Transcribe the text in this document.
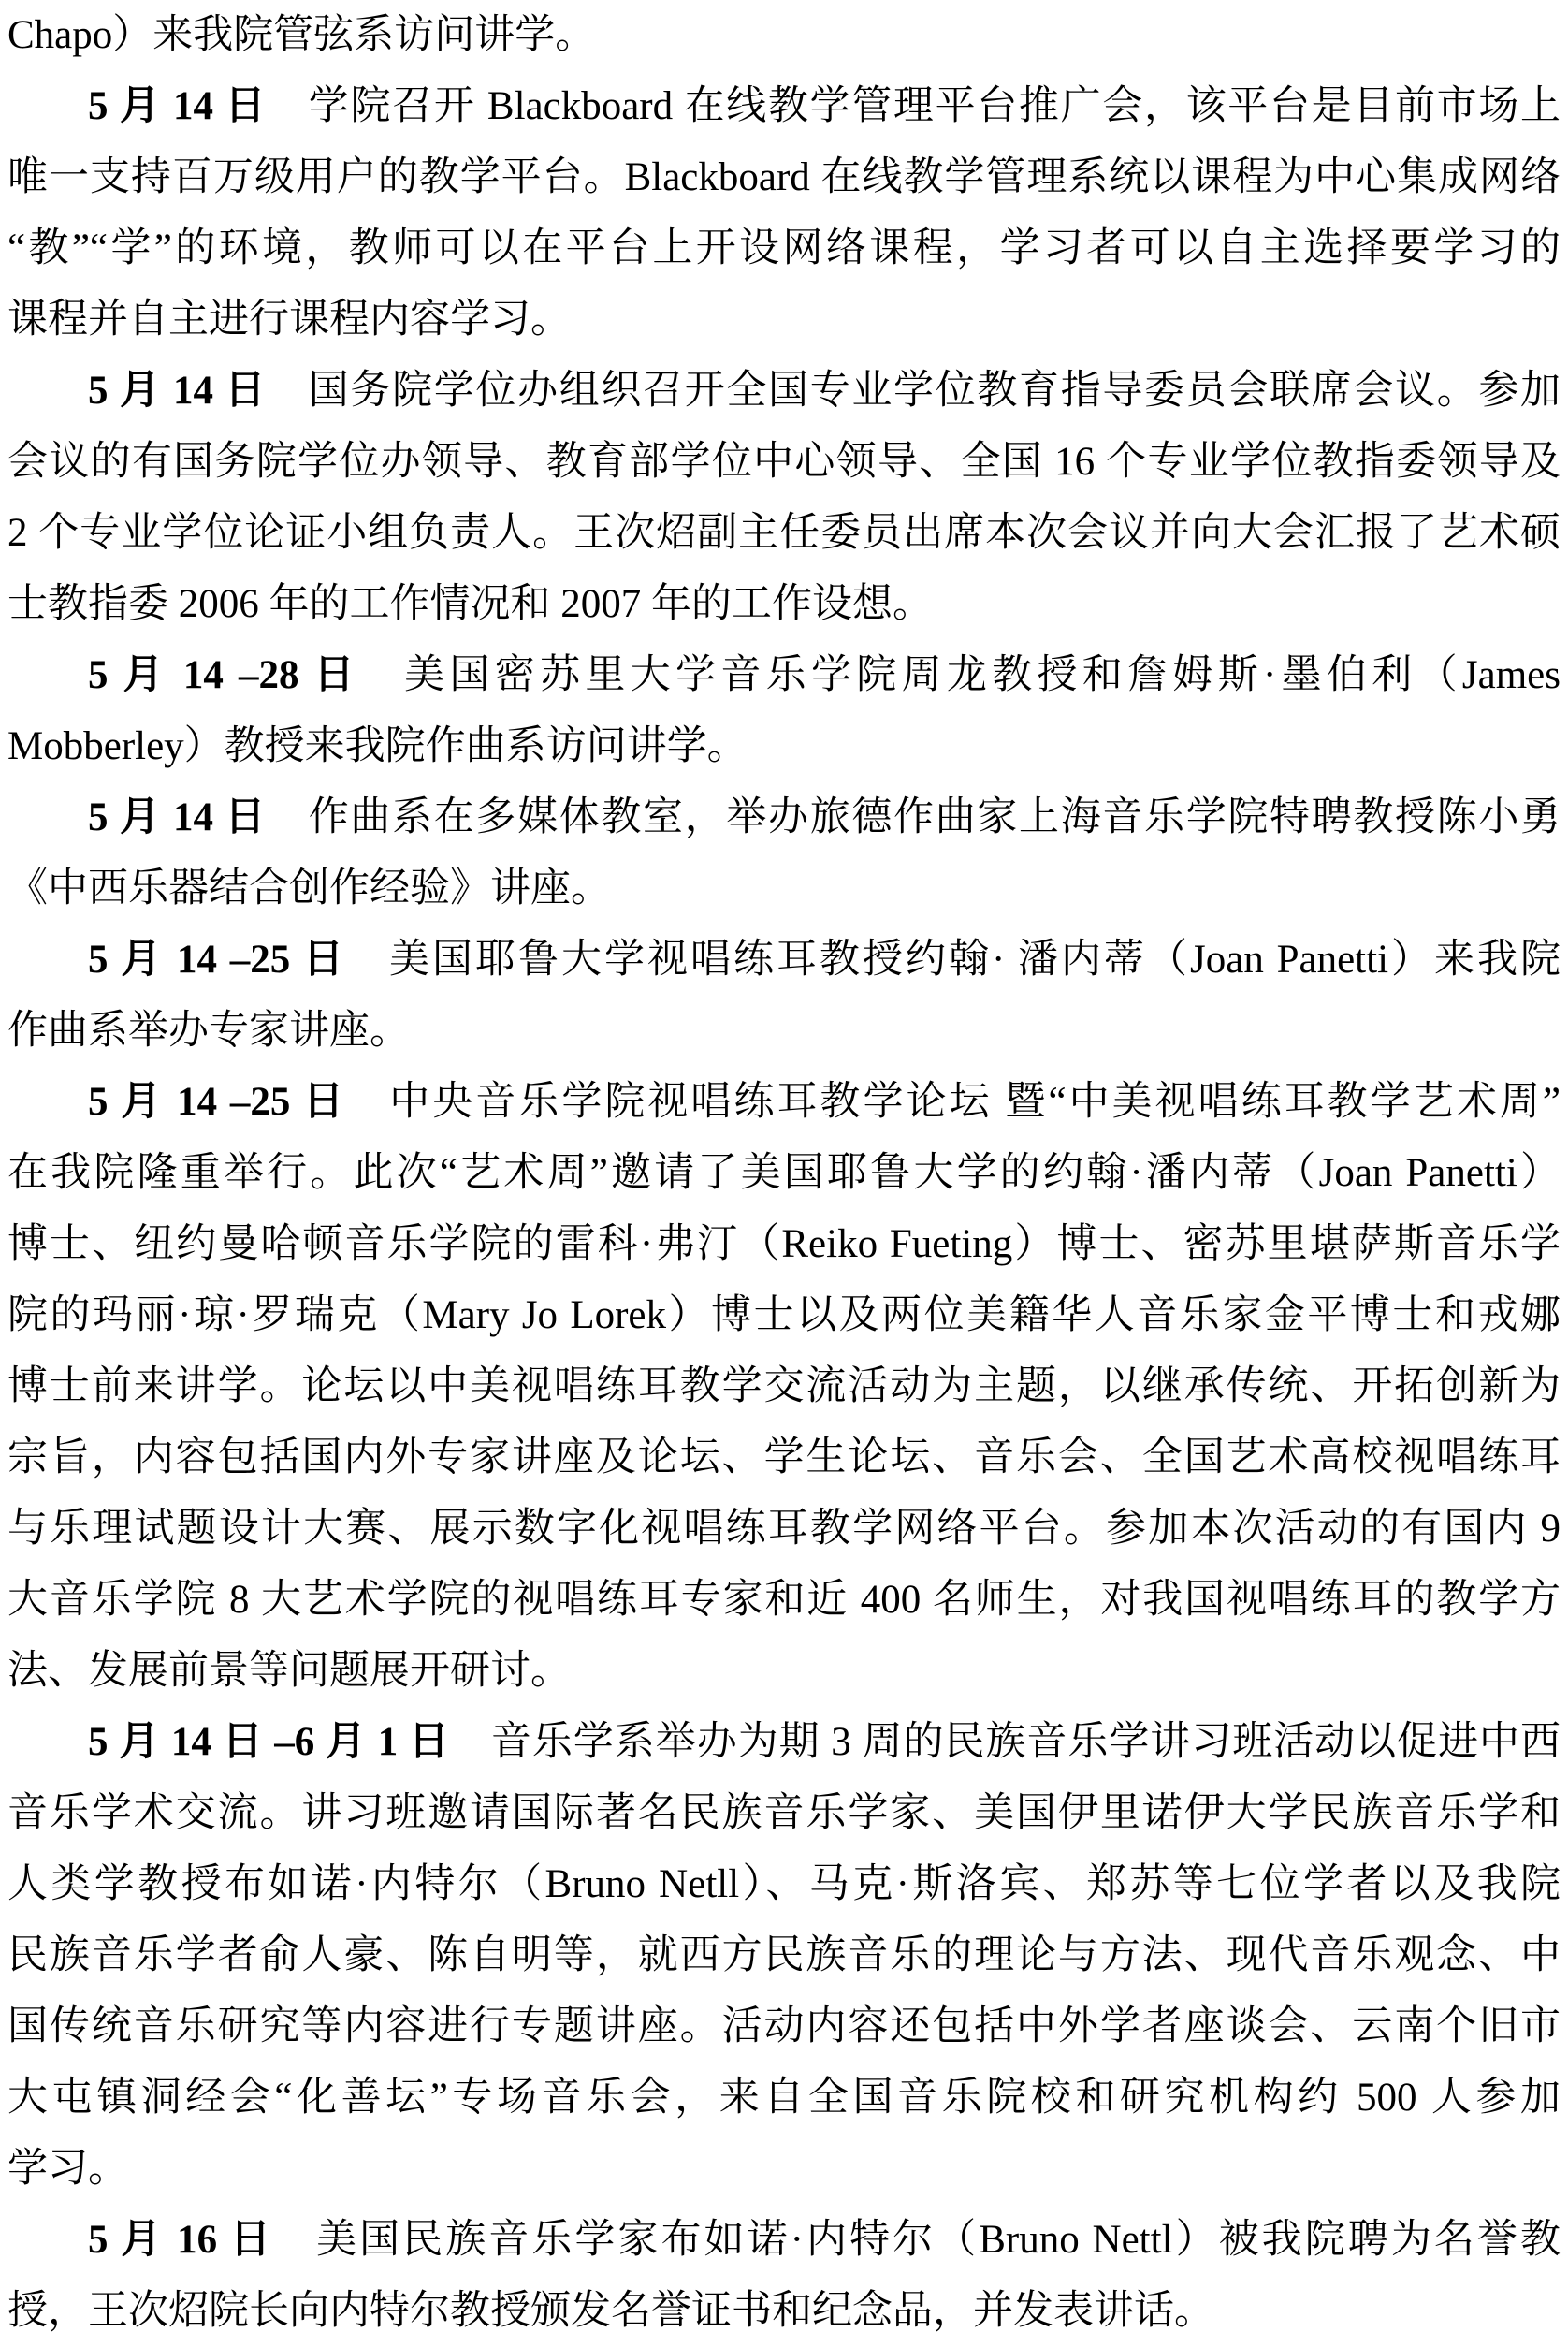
Chapo）来我院管弦系访问讲学。
5 月 14 日　学院召开 Blackboard 在线教学管理平台推广会，该平台是目前市场上
唯一支持百万级用户的教学平台。Blackboard 在线教学管理系统以课程为中心集成网络
“教”“学”的环境，教师可以在平台上开设网络课程，学习者可以自主选择要学习的
课程并自主进行课程内容学习。
5 月 14 日　国务院学位办组织召开全国专业学位教育指导委员会联席会议。参加
会议的有国务院学位办领导、教育部学位中心领导、全国 16 个专业学位教指委领导及
2 个专业学位论证小组负责人。王次炤副主任委员出席本次会议并向大会汇报了艺术硕
士教指委 2006 年的工作情况和 2007 年的工作设想。
5 月 14 –28 日　美国密苏里大学音乐学院周龙教授和詹姆斯·墨伯利（James
Mobberley）教授来我院作曲系访问讲学。
5 月 14 日　作曲系在多媒体教室，举办旅德作曲家上海音乐学院特聘教授陈小勇
《中西乐器结合创作经验》讲座。
5 月 14 –25 日　美国耶鲁大学视唱练耳教授约翰· 潘内蒂（Joan Panetti）来我院
作曲系举办专家讲座。
5 月 14 –25 日　中央音乐学院视唱练耳教学论坛 暨“中美视唱练耳教学艺术周”
在我院隆重举行。此次“艺术周”邀请了美国耶鲁大学的约翰·潘内蒂（Joan Panetti）
博士、纽约曼哈顿音乐学院的雷科·弗汀（Reiko Fueting）博士、密苏里堪萨斯音乐学
院的玛丽·琼·罗瑞克（Mary Jo Lorek）博士以及两位美籍华人音乐家金平博士和戎娜
博士前来讲学。论坛以中美视唱练耳教学交流活动为主题，以继承传统、开拓创新为
宗旨，内容包括国内外专家讲座及论坛、学生论坛、音乐会、全国艺术高校视唱练耳
与乐理试题设计大赛、展示数字化视唱练耳教学网络平台。参加本次活动的有国内 9
大音乐学院 8 大艺术学院的视唱练耳专家和近 400 名师生，对我国视唱练耳的教学方
法、发展前景等问题展开研讨。
5 月 14 日 –6 月 1 日　音乐学系举办为期 3 周的民族音乐学讲习班活动以促进中西
音乐学术交流。讲习班邀请国际著名民族音乐学家、美国伊里诺伊大学民族音乐学和
人类学教授布如诺·内特尔（Bruno Netll）、马克·斯洛宾、郑苏等七位学者以及我院
民族音乐学者俞人豪、陈自明等，就西方民族音乐的理论与方法、现代音乐观念、中
国传统音乐研究等内容进行专题讲座。活动内容还包括中外学者座谈会、云南个旧市
大屯镇洞经会“化善坛”专场音乐会，来自全国音乐院校和研究机构约 500 人参加
学习。
5 月 16 日　美国民族音乐学家布如诺·内特尔（Bruno Nettl）被我院聘为名誉教
授，王次炤院长向内特尔教授颁发名誉证书和纪念品，并发表讲话。
